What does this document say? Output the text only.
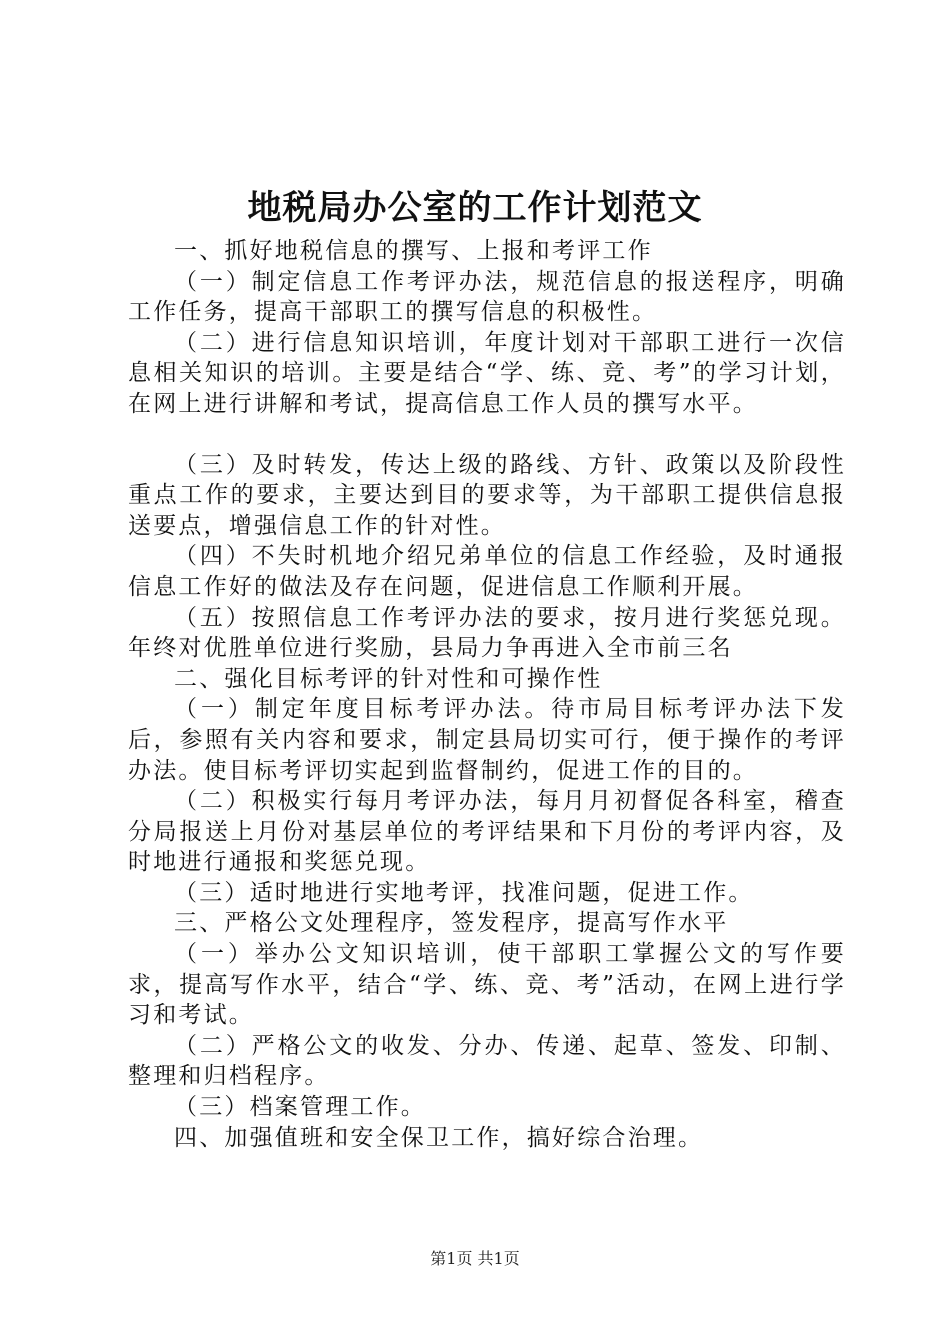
地税局办公室的工作计划范文

一、抓好地税信息的撰写、上报和考评工作

（一）制定信息工作考评办法，规范信息的报送程序，明确工作任务，提高干部职工的撰写信息的积极性。

（二）进行信息知识培训，年度计划对干部职工进行一次信息相关知识的培训。主要是结合“学、练、竞、考”的学习计划，在网上进行讲解和考试，提高信息工作人员的撰写水平。

（三）及时转发，传达上级的路线、方针、政策以及阶段性重点工作的要求，主要达到目的要求等，为干部职工提供信息报送要点，增强信息工作的针对性。

（四）不失时机地介绍兄弟单位的信息工作经验，及时通报信息工作好的做法及存在问题，促进信息工作顺利开展。

（五）按照信息工作考评办法的要求，按月进行奖惩兑现。年终对优胜单位进行奖励，县局力争再进入全市前三名

二、强化目标考评的针对性和可操作性

（一）制定年度目标考评办法。待市局目标考评办法下发后，参照有关内容和要求，制定县局切实可行，便于操作的考评办法。使目标考评切实起到监督制约，促进工作的目的。

（二）积极实行每月考评办法，每月月初督促各科室，稽查分局报送上月份对基层单位的考评结果和下月份的考评内容，及时地进行通报和奖惩兑现。

（三）适时地进行实地考评，找准问题，促进工作。

三、严格公文处理程序，签发程序，提高写作水平

（一）举办公文知识培训，使干部职工掌握公文的写作要求，提高写作水平，结合“学、练、竞、考”活动，在网上进行学习和考试。

（二）严格公文的收发、分办、传递、起草、签发、印制、整理和归档程序。

（三）档案管理工作。

四、加强值班和安全保卫工作，搞好综合治理。

第1页 共1页
